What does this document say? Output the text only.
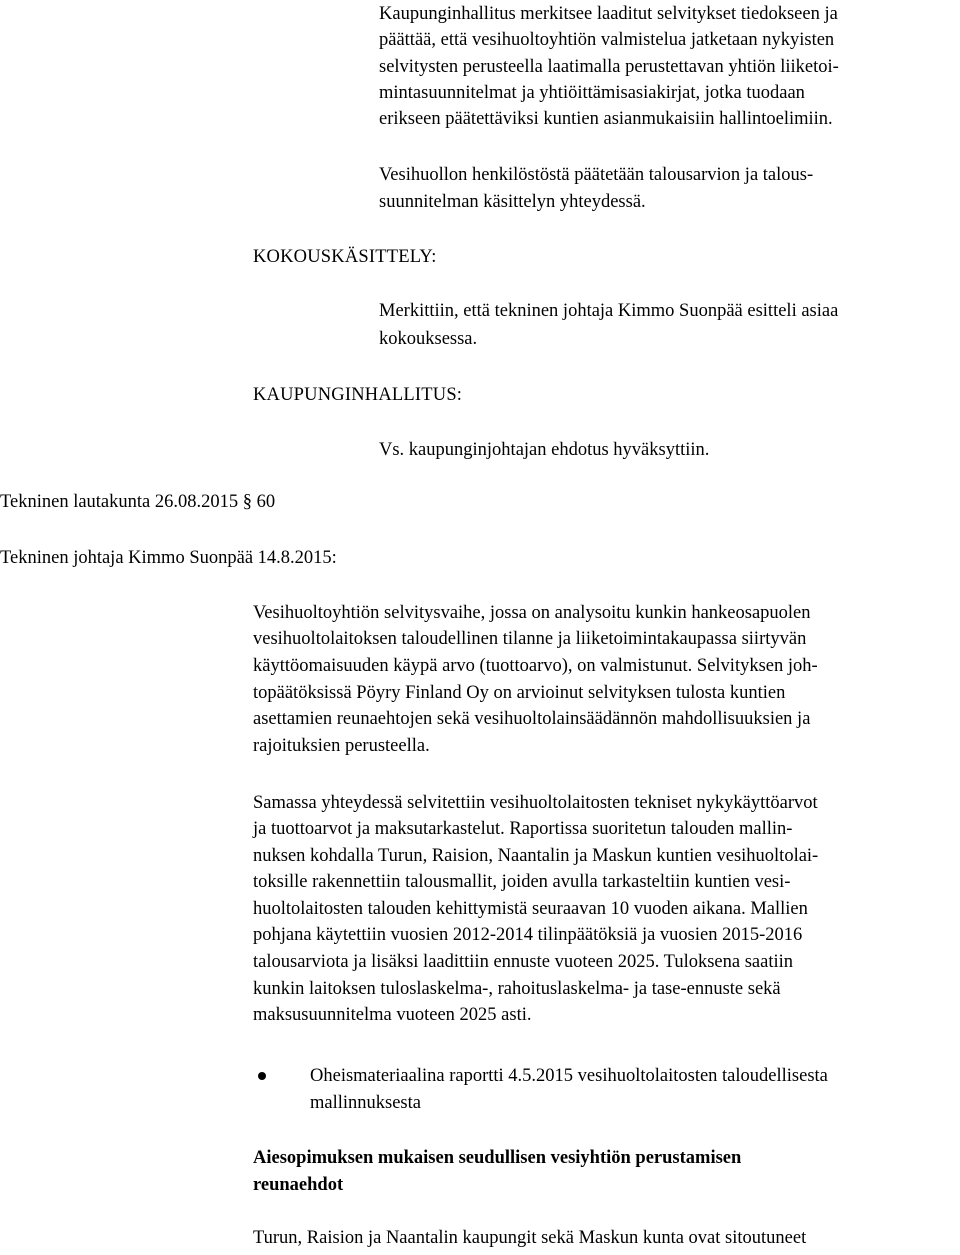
Kaupunginhallitus merkitsee laaditut selvitykset tiedokseen ja
päättää, että vesihuoltoyhtiön valmistelua jatketaan nykyisten
selvitysten perusteella laatimalla perustettavan yhtiön liiketoi-
mintasuunnitelmat ja yhtiöittämisasiakirjat, jotka tuodaan
erikseen päätettäviksi kuntien asianmukaisiin hallintoelimiin.
Vesihuollon henkilöstöstä päätetään talousarvion ja talous-
suunnitelman käsittelyn yhteydessä.
KOKOUSKÄSITTELY:
Merkittiin, että tekninen johtaja Kimmo Suonpää esitteli asiaa
kokouksessa.
KAUPUNGINHALLITUS:
Vs. kaupunginjohtajan ehdotus hyväksyttiin.
Tekninen lautakunta 26.08.2015 § 60
Tekninen johtaja Kimmo Suonpää 14.8.2015:
Vesihuoltoyhtiön selvitysvaihe, jossa on analysoitu kunkin hankeosapuolen
vesihuoltolaitoksen taloudellinen tilanne ja liiketoimintakaupassa siirtyvän
käyttöomaisuuden käypä arvo (tuottoarvo), on valmistunut. Selvityksen joh-
topäätöksissä Pöyry Finland Oy on arvioinut selvityksen tulosta kuntien
asettamien reunaehtojen sekä vesihuoltolainsäädännön mahdollisuuksien ja
rajoituksien perusteella.
Samassa yhteydessä selvitettiin vesihuoltolaitosten tekniset nykykäyttöarvot
ja tuottoarvot ja maksutarkastelut. Raportissa suoritetun talouden mallin-
nuksen kohdalla Turun, Raision, Naantalin ja Maskun kuntien vesihuoltolai-
toksille rakennettiin talousmallit, joiden avulla tarkasteltiin kuntien vesi-
huoltolaitosten talouden kehittymistä seuraavan 10 vuoden aikana. Mallien
pohjana käytettiin vuosien 2012-2014 tilinpäätöksiä ja vuosien 2015-2016
talousarviota ja lisäksi laadittiin ennuste vuoteen 2025. Tuloksena saatiin
kunkin laitoksen tuloslaskelma-, rahoituslaskelma- ja tase-ennuste sekä
maksusuunnitelma vuoteen 2025 asti.
Oheismateriaalina raportti 4.5.2015 vesihuoltolaitosten taloudellisesta
mallinnuksesta
Aiesopimuksen mukaisen seudullisen vesiyhtiön perustamisen
reunaehdot
Turun, Raision ja Naantalin kaupungit sekä Maskun kunta ovat sitoutuneet
